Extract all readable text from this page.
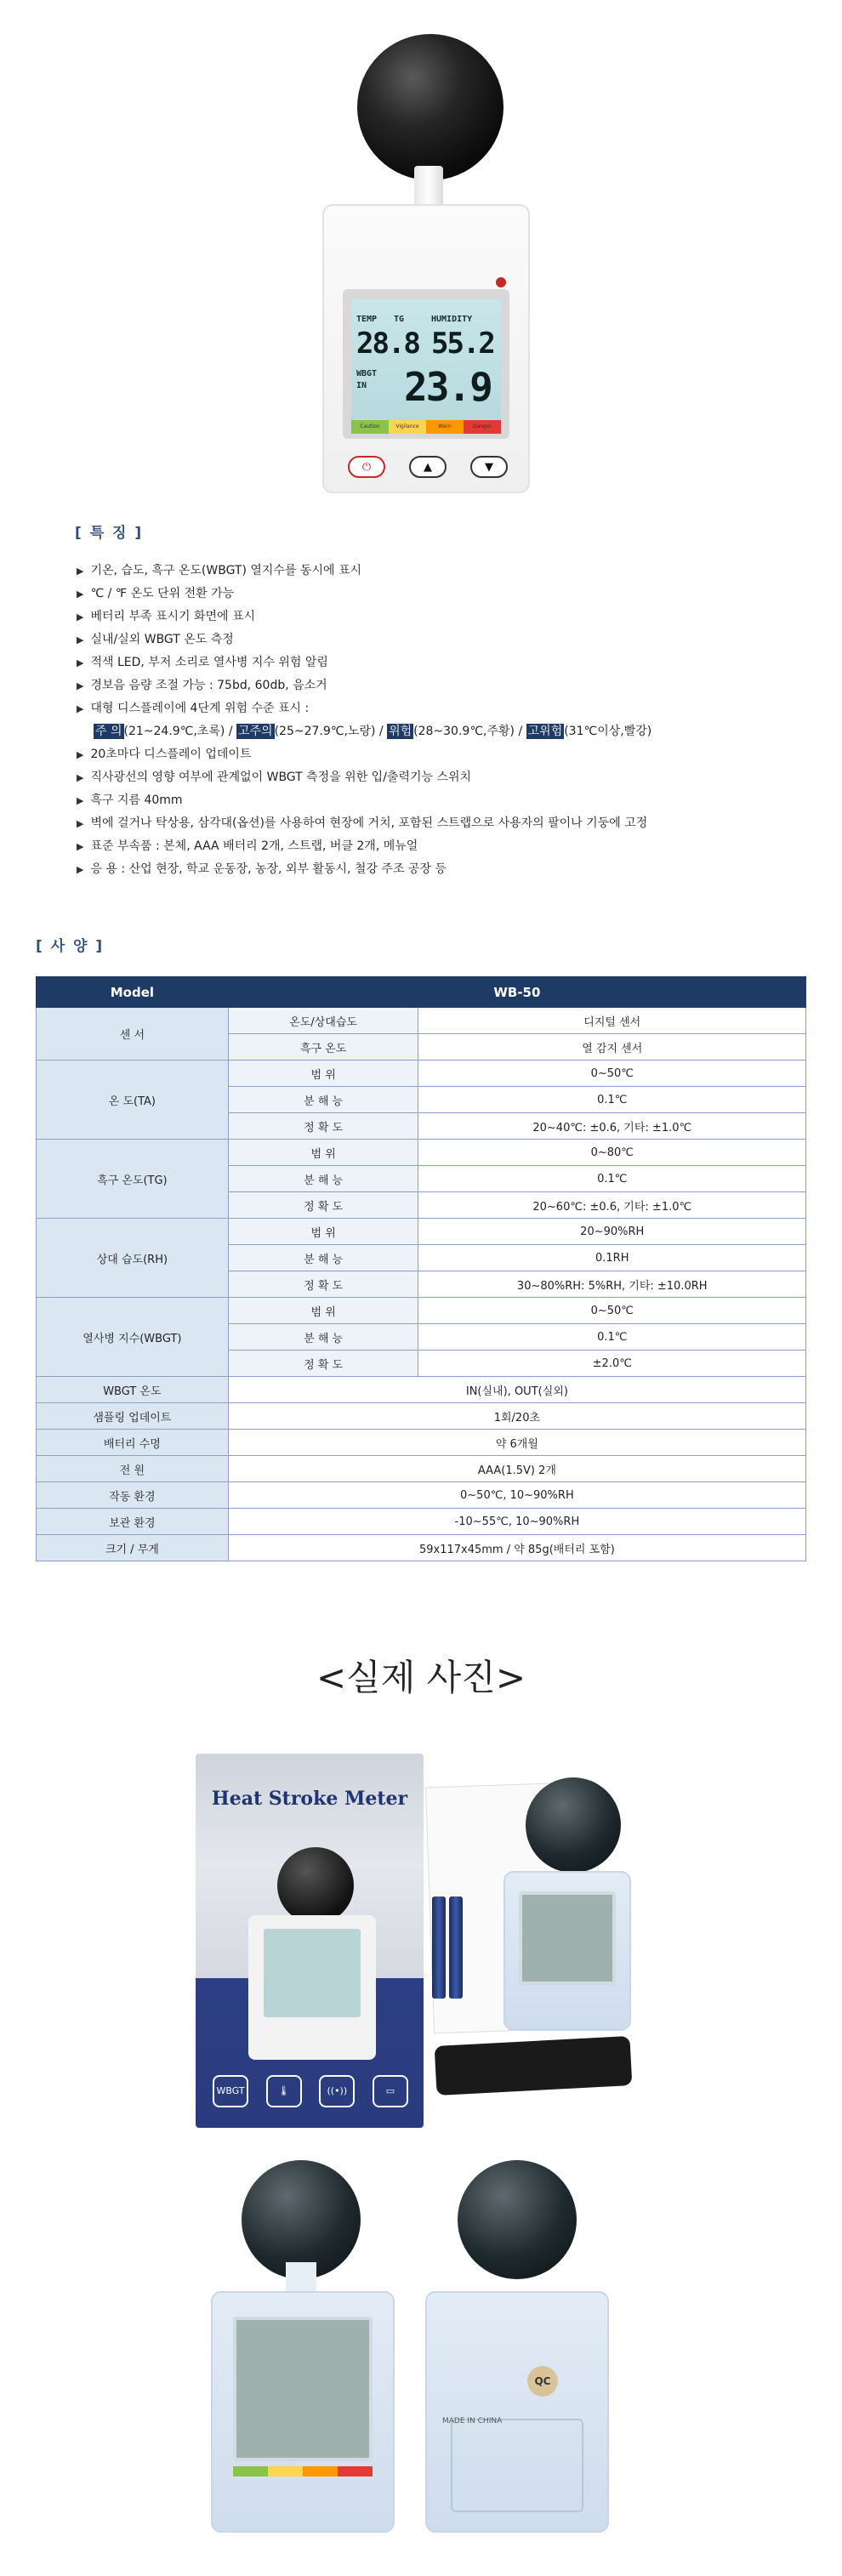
TEMP TG	HUMIDITY
28.8 55.2
WBGT
IN 23.9
Caution	Vigilance	Warn	Danger
⏻	▲	▼
[ 특 징 ]
▶ 기온, 습도, 흑구 온도(WBGT) 열지수를 동시에 표시
▶ ℃ / ℉ 온도 단위 전환 가능
▶ 베터리 부족 표시기 화면에 표시
▶ 실내/실외 WBGT 온도 측정
▶ 적색 LED, 부저 소리로 열사병 지수 위험 알림
▶ 경보음 음량 조절 가능 : 75bd, 60db, 음소거
▶ 대형 디스플레이에 4단계 위험 수준 표시 :
주 의 (21~24.9℃,초록) / 고주의 (25~27.9℃,노랑) / 위험 (28~30.9℃,주황) / 고위험 (31℃이상,빨강)
▶ 20초마다 디스플레이 업데이트
▶ 직사광선의 영향 여부에 관계없이 WBGT 측정을 위한 입/출력기능 스위치
▶ 흑구 지름 40mm
▶ 벽에 걸거나 탁상용, 삼각대(옵션)를 사용하여 현장에 거치, 포함된 스트랩으로 사용자의 팔이나 기둥에 고정
▶ 표준 부속품 : 본체, AAA 배터리 2개, 스트랩, 버클 2개, 메뉴얼
▶ 응 용 : 산업 현장, 학교 운동장, 농장, 외부 활동시, 철강 주조 공장 등
[ 사 양 ]
Model	WB-50	
센 서	온도/상대습도	디지털 센서
	흑구 온도	열 감지 센서
온 도(TA)	범 위	0~50℃
	분 해 능	0.1℃
	정 확 도	20~40℃: ±0.6, 기타: ±1.0℃
흑구 온도(TG)	범 위	0~80℃
	분 해 능	0.1℃
	정 확 도	20~60℃: ±0.6, 기타: ±1.0℃
상대 습도(RH)	범 위	20~90%RH
	분 해 능	0.1RH
	정 확 도	30~80%RH: 5%RH, 기타: ±10.0RH
열사병 지수(WBGT)	범 위	0~50℃
	분 해 능	0.1℃
	정 확 도	±2.0℃
WBGT 온도	IN(실내), OUT(실외)	
샘플링 업데이트	1회/20초	
배터리 수명	약 6개월	
전 원	AAA(1.5V) 2개	
작동 환경	0~50℃, 10~90%RH	
보관 환경	-10~55℃, 10~90%RH	
크기 / 무게	59x117x45mm / 약 85g(배터리 포함)	
<실제 사진>
Heat Stroke Meter
WBGT	🌡	((•))	▭
QC
MADE IN CHINA
